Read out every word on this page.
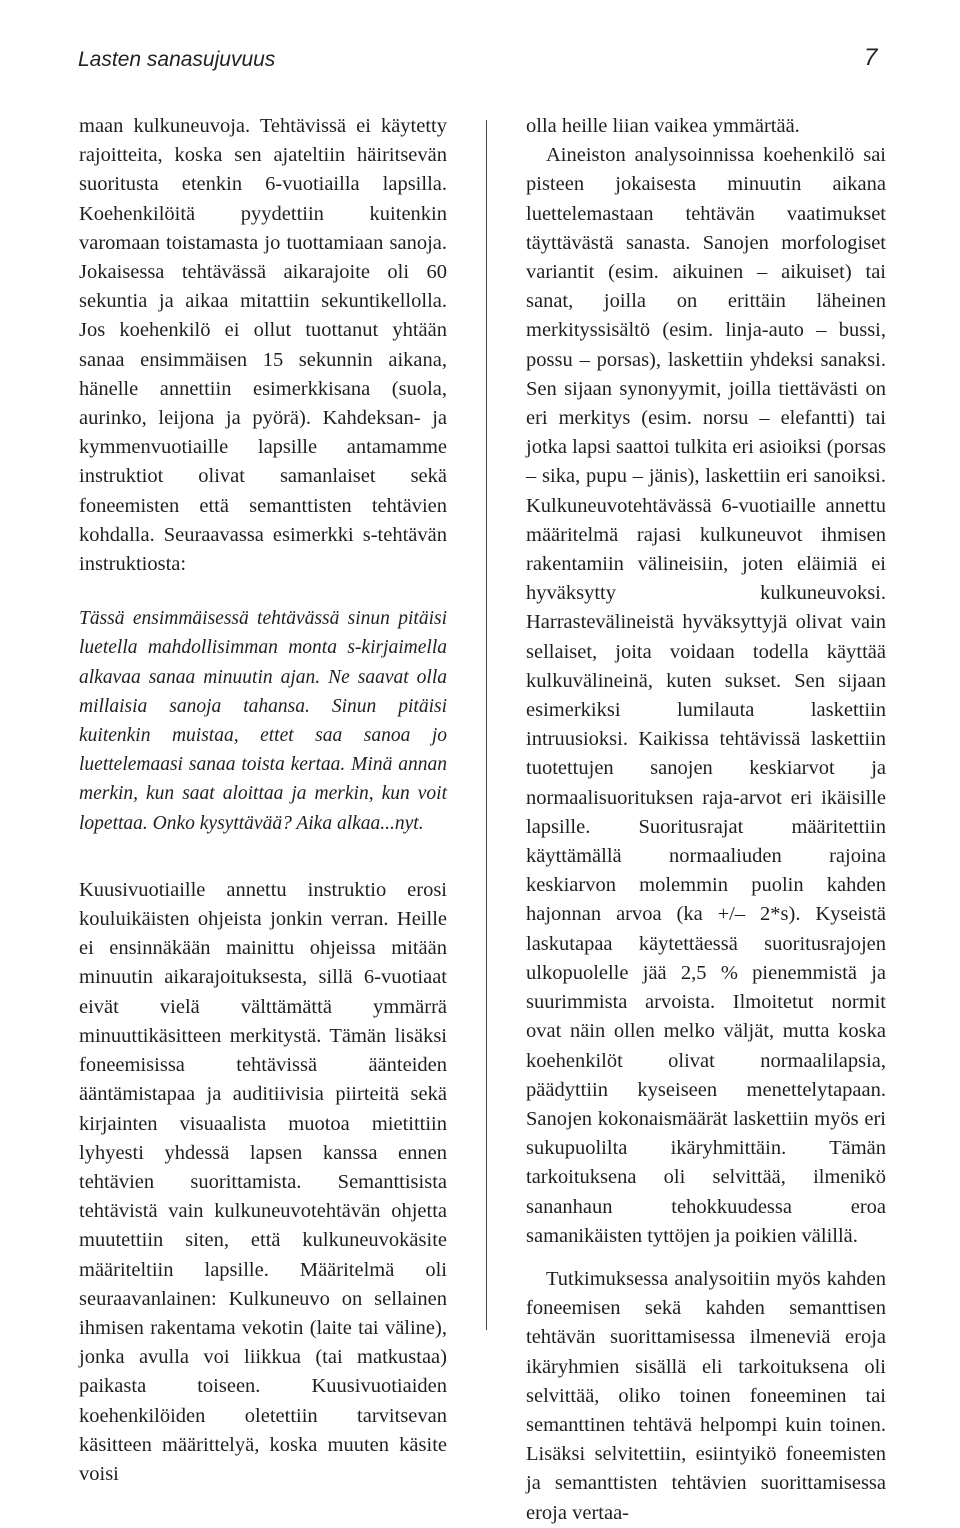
Lasten sanasujuvuus	7

maan kulkuneuvoja. Tehtävissä ei käytetty rajoitteita, koska sen ajateltiin häiritsevän suoritusta etenkin 6-vuotiailla lapsilla. Koehenkilöitä pyydettiin kuitenkin varomaan toistamasta jo tuottamiaan sanoja. Jokaisessa tehtävässä aikarajoite oli 60 sekuntia ja aikaa mitattiin sekuntikellolla. Jos koehenkilö ei ollut tuottanut yhtään sanaa ensimmäisen 15 sekunnin aikana, hänelle annettiin esimerkkisana (suola, aurinko, leijona ja pyörä). Kahdeksan- ja kymmenvuotiaille lapsille antamamme instruktiot olivat samanlaiset sekä foneemisten että semanttisten tehtävien kohdalla. Seuraavassa esimerkki s-tehtävän instruktiosta:

Tässä ensimmäisessä tehtävässä sinun pitäisi luetella mahdollisimman monta s-kirjaimella alkavaa sanaa minuutin ajan. Ne saavat olla millaisia sanoja tahansa. Sinun pitäisi kuitenkin muistaa, ettet saa sanoa jo luettelemaasi sanaa toista kertaa. Minä annan merkin, kun saat aloittaa ja merkin, kun voit lopettaa. Onko kysyttävää? Aika alkaa...nyt.

Kuusivuotiaille annettu instruktio erosi kouluikäisten ohjeista jonkin verran. Heille ei ensinnäkään mainittu ohjeissa mitään minuutin aikarajoituksesta, sillä 6-vuotiaat eivät vielä välttämättä ymmärrä minuuttikäsitteen merkitystä. Tämän lisäksi foneemisissa tehtävissä äänteiden ääntämistapaa ja auditiivisia piirteitä sekä kirjainten visuaalista muotoa mietittiin lyhyesti yhdessä lapsen kanssa ennen tehtävien suorittamista. Semanttisista tehtävistä vain kulkuneuvotehtävän ohjetta muutettiin siten, että kulkuneuvokäsite määriteltiin lapsille. Määritelmä oli seuraavanlainen: Kulkuneuvo on sellainen ihmisen rakentama vekotin (laite tai väline), jonka avulla voi liikkua (tai matkustaa) paikasta toiseen. Kuusivuotiaiden koehenkilöiden oletettiin tarvitsevan käsitteen määrittelyä, koska muuten käsite voisi

olla heille liian vaikea ymmärtää.

Aineiston analysoinnissa koehenkilö sai pisteen jokaisesta minuutin aikana luettelemastaan tehtävän vaatimukset täyttävästä sanasta. Sanojen morfologiset variantit (esim. aikuinen – aikuiset) tai sanat, joilla on erittäin läheinen merkityssisältö (esim. linja-auto – bussi, possu – porsas), laskettiin yhdeksi sanaksi. Sen sijaan synonyymit, joilla tiettävästi on eri merkitys (esim. norsu – elefantti) tai jotka lapsi saattoi tulkita eri asioiksi (porsas – sika, pupu – jänis), laskettiin eri sanoiksi. Kulkuneuvotehtävässä 6-vuotiaille annettu määritelmä rajasi kulkuneuvot ihmisen rakentamiin välineisiin, joten eläimiä ei hyväksytty kulkuneuvoksi. Harrastevälineistä hyväksyttyjä olivat vain sellaiset, joita voidaan todella käyttää kulkuvälineinä, kuten sukset. Sen sijaan esimerkiksi lumilauta laskettiin intruusioksi. Kaikissa tehtävissä laskettiin tuotettujen sanojen keskiarvot ja normaalisuorituksen raja-arvot eri ikäisille lapsille. Suoritusrajat määritettiin käyttämällä normaaliuden rajoina keskiarvon molemmin puolin kahden hajonnan arvoa (ka +/– 2*s). Kyseistä laskutapaa käytettäessä suoritusrajojen ulkopuolelle jää 2,5 % pienemmistä ja suurimmista arvoista. Ilmoitetut normit ovat näin ollen melko väljät, mutta koska koehenkilöt olivat normaalilapsia, päädyttiin kyseiseen menettelytapaan. Sanojen kokonaismäärät laskettiin myös eri sukupuolilta ikäryhmittäin. Tämän tarkoituksena oli selvittää, ilmenikö sananhaun tehokkuudessa eroa samanikäisten tyttöjen ja poikien välillä.

Tutkimuksessa analysoitiin myös kahden foneemisen sekä kahden semanttisen tehtävän suorittamisessa ilmeneviä eroja ikäryhmien sisällä eli tarkoituksena oli selvittää, oliko toinen foneeminen tai semanttinen tehtävä helpompi kuin toinen. Lisäksi selvitettiin, esiintyikö foneemisten ja semanttisten tehtävien suorittamisessa eroja vertaa-
